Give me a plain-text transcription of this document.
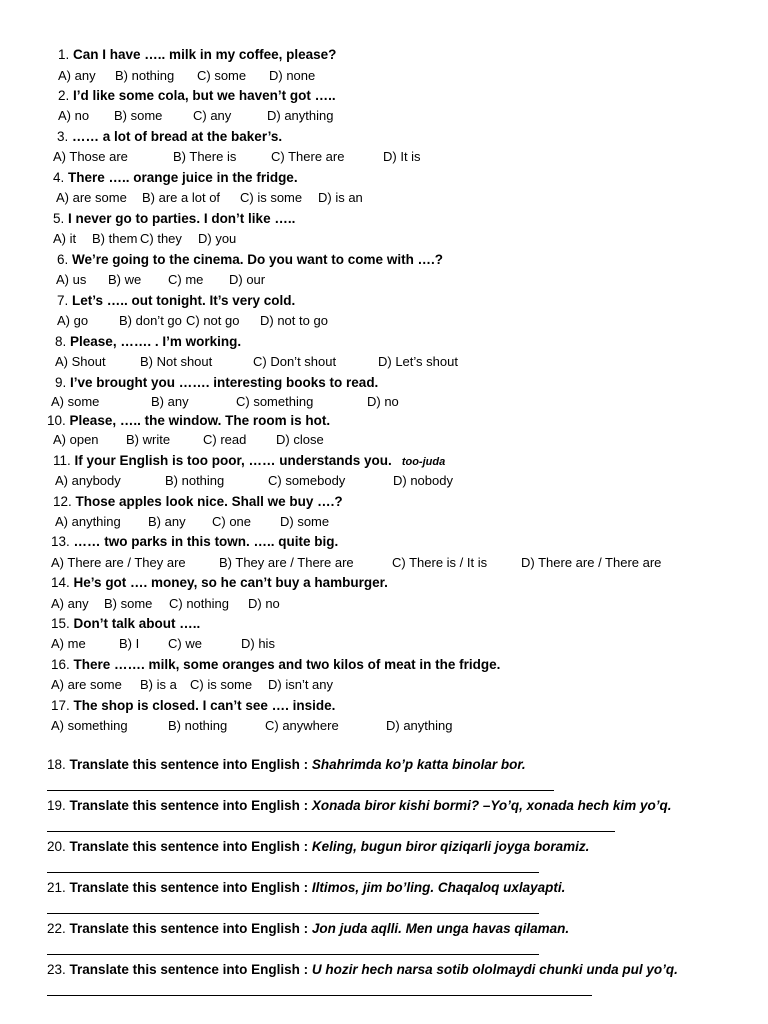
1. Can I have ….. milk in my coffee, please?
A) any B) nothing C) some D) none
2. I’d like some cola, but we haven’t got …..
A) no B) some C) any	D) anything
3. …… a lot of bread at the baker’s.
A) Those are	B) There is	C) There are	D) It is
4. There ….. orange juice in the fridge.
A) are some B) are a lot of C) is some D) is an
5. I never go to parties. I don’t like …..
A) it B) them C) they D) you
6. We’re going to the cinema. Do you want to come with ….?
A) us B) we C) me D) our
7. Let’s ….. out tonight. It’s very cold.
A) go B) don’t go C) not go D) not to go
8. Please, ……. . I’m working.
A) Shout	B) Not shout	C) Don’t shout	D) Let’s shout
9. I’ve brought you ……. interesting books to read.
A) some	B) any	C) something	D) no
10. Please, ….. the window. The room is hot.
A) open B) write	C) read D) close
11. If your English is too poor, …… understands you. too-juda
A) anybody	B) nothing	C) somebody	D) nobody
12. Those apples look nice. Shall we buy ….?
A) anything B) any C) one D) some
13. …… two parks in this town. ….. quite big.
A) There are / They are	B) They are / There are	C) There is / It is	D) There are / There are
14. He’s got …. money, so he can’t buy a hamburger.
A) any B) some C) nothing D) no
15. Don’t talk about …..
A) me	B) I C) we	D) his
16. There ……. milk, some oranges and two kilos of meat in the fridge.
A) are some B) is a C) is some D) isn’t any
17. The shop is closed. I can’t see …. inside.
A) something	B) nothing	C) anywhere	D) anything
18. Translate this sentence into English : Shahrimda ko’p katta binolar bor.
19. Translate this sentence into English : Xonada biror kishi bormi? –Yo’q, xonada hech kim yo’q.
20. Translate this sentence into English : Keling, bugun biror qiziqarli joyga boramiz.
21. Translate this sentence into English : Iltimos, jim bo’ling. Chaqaloq uxlayapti.
22. Translate this sentence into English : Jon juda aqlli. Men unga havas qilaman.
23. Translate this sentence into English : U hozir hech narsa sotib ololmaydi chunki unda pul yo’q.
